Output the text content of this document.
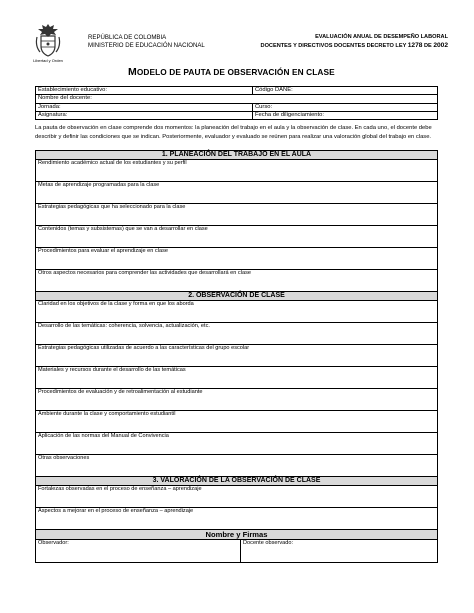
Libertad y Orden
REPÚBLICA DE COLOMBIA
MINISTERIO DE EDUCACIÓN NACIONAL
EVALUACIÓN ANUAL DE DESEMPEÑO LABORAL
DOCENTES Y DIRECTIVOS DOCENTES DECRETO LEY 1278 DE 2002
MODELO DE PAUTA DE OBSERVACIÓN EN CLASE
Establecimiento educativo:	Código DANE:
Nombre del docente:	
Jornada:	Curso:
Asignatura:	Fecha de diligenciamiento:
La pauta de observación en clase comprende dos momentos: la planeación del trabajo en el aula y la observación de clase. En cada uno, el docente debe describir y definir las condiciones que se indican. Posteriormente, evaluador y evaluado se reúnen para realizar una valoración global del trabajo en clase.
1. PLANEACIÓN DEL TRABAJO EN EL AULA
Rendimiento académico actual de los estudiantes y su perfil
Metas de aprendizaje programadas para la clase
Estrategias pedagógicas que ha seleccionado para la clase
Contenidos (temas y subsistemas) que se van a desarrollar en clase
Procedimientos para evaluar el aprendizaje en clase
Otros aspectos necesarios para comprender las actividades que desarrollará en clase
2. OBSERVACIÓN DE CLASE
Claridad en los objetivos de la clase y forma en que los aborda
Desarrollo de las temáticas: coherencia, solvencia, actualización, etc.
Estrategias pedagógicas utilizadas de acuerdo a las características del grupo escolar
Materiales y recursos durante el desarrollo de las temáticas
Procedimientos de evaluación y de retroalimentación al estudiante
Ambiente durante la clase y comportamiento estudiantil
Aplicación de las normas del Manual de Convivencia
Otras observaciones
3. VALORACIÓN DE LA OBSERVACIÓN DE CLASE
Fortalezas observadas en el proceso de enseñanza – aprendizaje
Aspectos a mejorar en el proceso de enseñanza – aprendizaje
Nombre y Firmas
Observador:	Docente observado:
